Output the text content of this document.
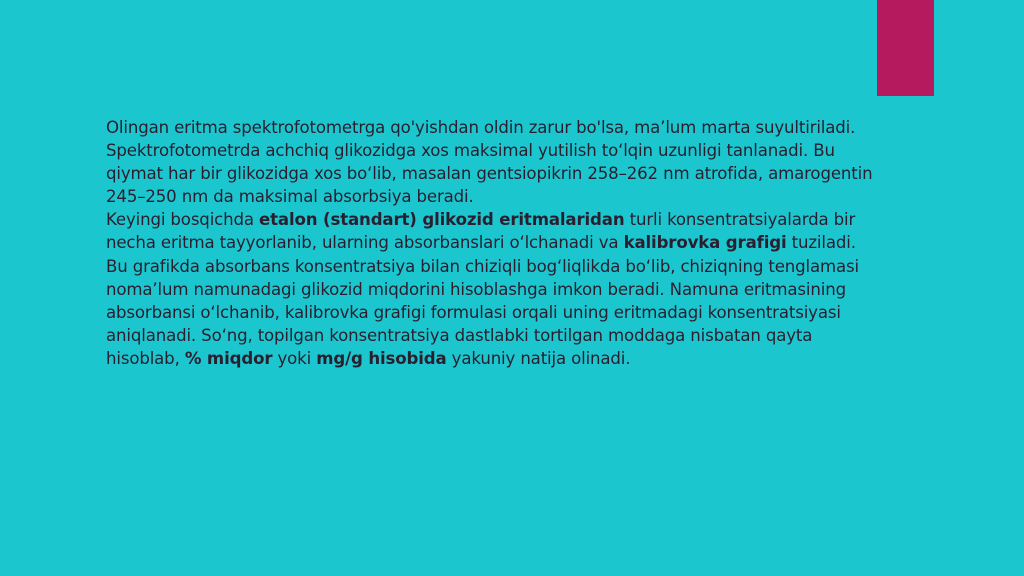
Olingan eritma spektrofotometrga qo'yishdan oldin zarur bo'lsa, ma’lum marta suyultiriladi. Spektrofotometrda achchiq glikozidga xos maksimal yutilish to‘lqin uzunligi tanlanadi. Bu qiymat har bir glikozidga xos bo‘lib, masalan gentsiopikrin 258–262 nm atrofida, amarogentin 245–250 nm da maksimal absorbsiya beradi.

Keyingi bosqichda etalon (standart) glikozid eritmalaridan turli konsentratsiyalarda bir necha eritma tayyorlanib, ularning absorbanslari o‘lchanadi va kalibrovka grafigi tuziladi. Bu grafikda absorbans konsentratsiya bilan chiziqli bog‘liqlikda bo‘lib, chiziqning tenglamasi noma’lum namunadagi glikozid miqdorini hisoblashga imkon beradi. Namuna eritmasining absorbansi o‘lchanib, kalibrovka grafigi formulasi orqali uning eritmadagi konsentratsiyasi aniqlanadi. So‘ng, topilgan konsentratsiya dastlabki tortilgan moddaga nisbatan qayta hisoblab, % miqdor yoki mg/g hisobida yakuniy natija olinadi.
